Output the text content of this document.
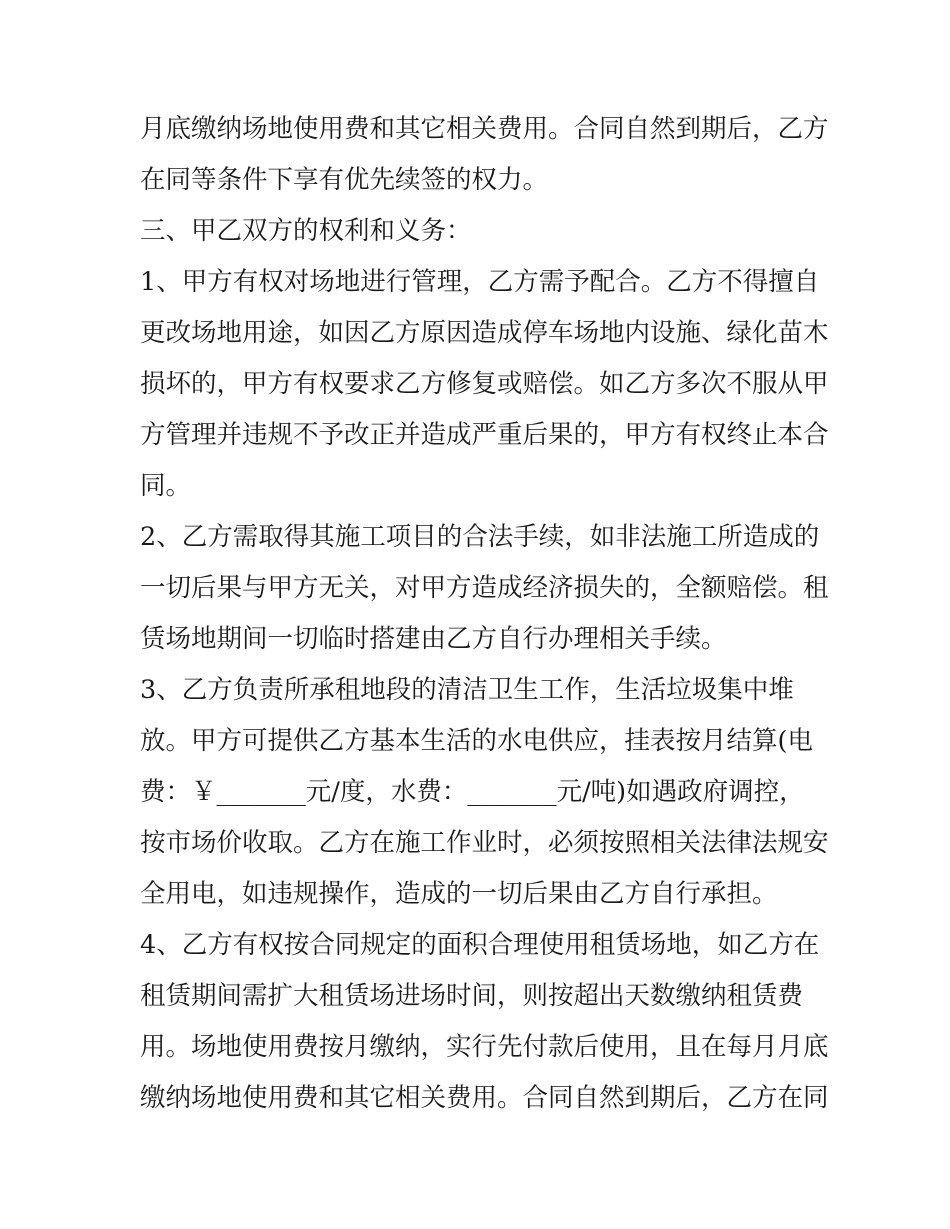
月底缴纳场地使用费和其它相关费用。合同自然到期后，乙方
在同等条件下享有优先续签的权力。
三、甲乙双方的权利和义务：
1、甲方有权对场地进行管理，乙方需予配合。乙方不得擅自
更改场地用途，如因乙方原因造成停车场地内设施、绿化苗木
损坏的，甲方有权要求乙方修复或赔偿。如乙方多次不服从甲
方管理并违规不予改正并造成严重后果的，甲方有权终止本合
同。
2、乙方需取得其施工项目的合法手续，如非法施工所造成的
一切后果与甲方无关，对甲方造成经济损失的，全额赔偿。租
赁场地期间一切临时搭建由乙方自行办理相关手续。
3、乙方负责所承租地段的清洁卫生工作，生活垃圾集中堆
放。甲方可提供乙方基本生活的水电供应，挂表按月结算(电
费：￥_______元/度，水费：_______元/吨)如遇政府调控，
按市场价收取。乙方在施工作业时，必须按照相关法律法规安
全用电，如违规操作，造成的一切后果由乙方自行承担。
4、乙方有权按合同规定的面积合理使用租赁场地，如乙方在
租赁期间需扩大租赁场进场时间，则按超出天数缴纳租赁费
用。场地使用费按月缴纳，实行先付款后使用，且在每月月底
缴纳场地使用费和其它相关费用。合同自然到期后，乙方在同
